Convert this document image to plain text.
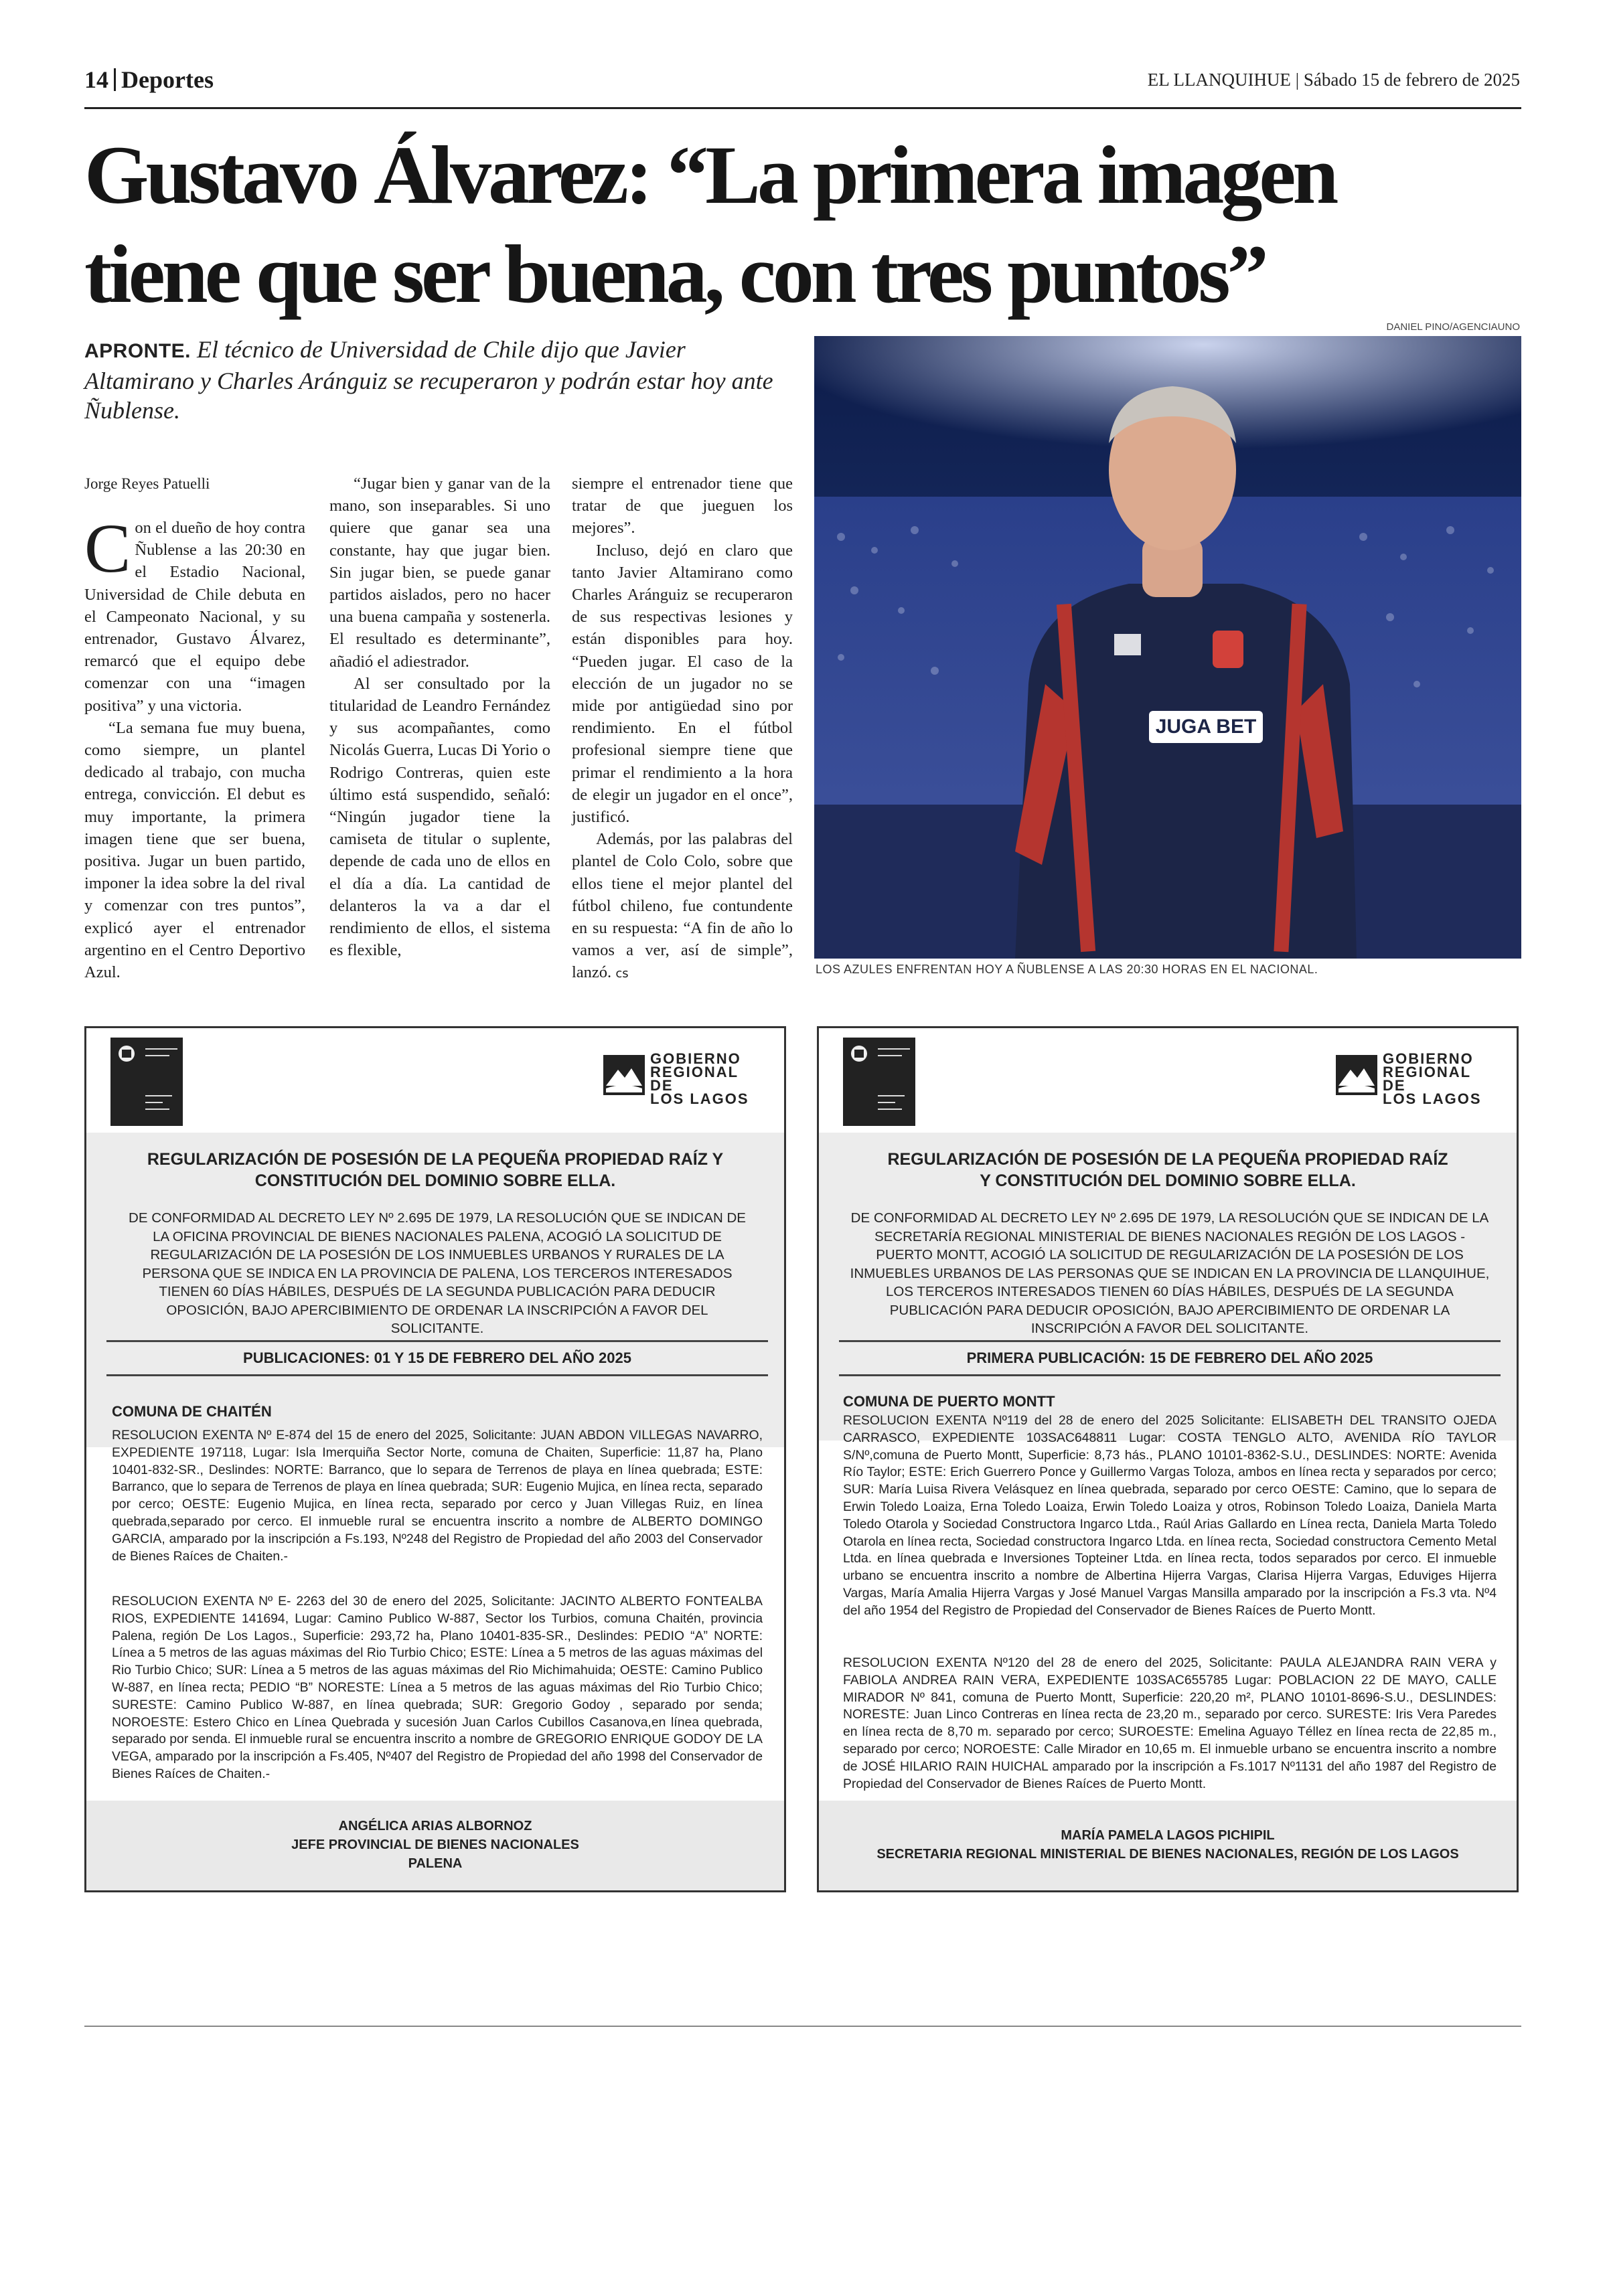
14 Deportes	EL LLANQUIHUE | Sábado 15 de febrero de 2025
Gustavo Álvarez: “La primera imagen
tiene que ser buena, con tres puntos”
DANIEL PINO/AGENCIAUNO
APRONTE. El técnico de Universidad de Chile dijo que Javier Altamirano y Charles Aránguiz se recuperaron y podrán estar hoy ante Ñublense.
Jorge Reyes Patuelli

Con el dueño de hoy contra Ñublense a las 20:30 en el Estadio Nacional, Universidad de Chile debuta en el Campeonato Nacional, y su entrenador, Gustavo Álvarez, remarcó que el equipo debe comenzar con una “imagen positiva” y una victoria.

“La semana fue muy buena, como siempre, un plantel dedicado al trabajo, con mucha entrega, convicción. El debut es muy importante, la primera imagen tiene que ser buena, positiva. Jugar un buen partido, imponer la idea sobre la del rival y comenzar con tres puntos”, explicó ayer el entrenador argentino en el Centro Deportivo Azul.

“Jugar bien y ganar van de la mano, son inseparables. Si uno quiere que ganar sea una constante, hay que jugar bien. Sin jugar bien, se puede ganar partidos aislados, pero no hacer una buena campaña y sostenerla. El resultado es determinante”, añadió el adiestrador.

Al ser consultado por la titularidad de Leandro Fernández y sus acompañantes, como Nicolás Guerra, Lucas Di Yorio o Rodrigo Contreras, quien este último está suspendido, señaló: “Ningún jugador tiene la camiseta de titular o suplente, depende de cada uno de ellos en el día a día. La cantidad de delanteros la va a dar el rendimiento de ellos, el sistema es flexible,

siempre el entrenador tiene que tratar de que jueguen los mejores”.

Incluso, dejó en claro que tanto Javier Altamirano como Charles Aránguiz se recuperaron de sus respectivas lesiones y están disponibles para hoy. “Pueden jugar. El caso de la elección de un jugador no se mide por antigüedad sino por rendimiento. En el fútbol profesional siempre tiene que primar el rendimiento a la hora de elegir un jugador en el once”, justificó.

Además, por las palabras del plantel de Colo Colo, sobre que ellos tiene el mejor plantel del fútbol chileno, fue contundente en su respuesta: “A fin de año lo vamos a ver, así de simple”, lanzó. cs

JUGA BET
LOS AZULES ENFRENTAN HOY A ÑUBLENSE A LAS 20:30 HORAS EN EL NACIONAL.
GOBIERNO
REGIONAL DE
LOS LAGOS
REGULARIZACIÓN DE POSESIÓN DE LA PEQUEÑA PROPIEDAD RAÍZ Y
CONSTITUCIÓN DEL DOMINIO SOBRE ELLA.
DE CONFORMIDAD AL DECRETO LEY Nº 2.695 DE 1979, LA RESOLUCIÓN QUE SE INDICAN DE LA OFICINA PROVINCIAL DE BIENES NACIONALES PALENA, ACOGIÓ LA SOLICITUD DE REGULARIZACIÓN DE LA POSESIÓN DE LOS INMUEBLES URBANOS Y RURALES DE LA PERSONA QUE SE INDICA EN LA PROVINCIA DE PALENA, LOS TERCEROS INTERESADOS TIENEN 60 DÍAS HÁBILES, DESPUÉS DE LA SEGUNDA PUBLICACIÓN PARA DEDUCIR OPOSICIÓN, BAJO APERCIBIMIENTO DE ORDENAR LA INSCRIPCIÓN A FAVOR DEL SOLICITANTE.
PUBLICACIONES: 01 Y 15 DE FEBRERO DEL AÑO 2025
COMUNA DE CHAITÉN
RESOLUCION EXENTA Nº E-874 del 15 de enero del 2025, Solicitante: JUAN ABDON VILLEGAS NAVARRO, EXPEDIENTE 197118, Lugar: Isla Imerquiña Sector Norte, comuna de Chaiten, Superficie: 11,87 ha, Plano 10401-832-SR., Deslindes: NORTE: Barranco, que lo separa de Terrenos de playa en línea quebrada; ESTE: Barranco, que lo separa de Terrenos de playa en línea quebrada; SUR: Eugenio Mujica, en línea recta, separado por cerco; OESTE: Eugenio Mujica, en línea recta, separado por cerco y Juan Villegas Ruiz, en línea quebrada,separado por cerco. El inmueble rural se encuentra inscrito a nombre de ALBERTO DOMINGO GARCIA, amparado por la inscripción a Fs.193, Nº248 del Registro de Propiedad del año 2003 del Conservador de Bienes Raíces de Chaiten.-
RESOLUCION EXENTA Nº E- 2263 del 30 de enero del 2025, Solicitante: JACINTO ALBERTO FONTEALBA RIOS, EXPEDIENTE 141694, Lugar: Camino Publico W-887, Sector los Turbios, comuna Chaitén, provincia Palena, región De Los Lagos., Superficie: 293,72 ha, Plano 10401-835-SR., Deslindes: PEDIO “A” NORTE: Línea a 5 metros de las aguas máximas del Rio Turbio Chico; ESTE: Línea a 5 metros de las aguas máximas del Rio Turbio Chico; SUR: Línea a 5 metros de las aguas máximas del Rio Michimahuida; OESTE: Camino Publico W-887, en línea recta; PEDIO “B” NORESTE: Línea a 5 metros de las aguas máximas del Rio Turbio Chico; SURESTE: Camino Publico W-887, en línea quebrada; SUR: Gregorio Godoy , separado por senda; NOROESTE: Estero Chico en Línea Quebrada y sucesión Juan Carlos Cubillos Casanova,en línea quebrada, separado por senda. El inmueble rural se encuentra inscrito a nombre de GREGORIO ENRIQUE GODOY DE LA VEGA, amparado por la inscripción a Fs.405, Nº407 del Registro de Propiedad del año 1998 del Conservador de Bienes Raíces de Chaiten.-
ANGÉLICA ARIAS ALBORNOZ
JEFE PROVINCIAL DE BIENES NACIONALES
PALENA
GOBIERNO
REGIONAL DE
LOS LAGOS
REGULARIZACIÓN DE POSESIÓN DE LA PEQUEÑA PROPIEDAD RAÍZ
Y CONSTITUCIÓN DEL DOMINIO SOBRE ELLA.
DE CONFORMIDAD AL DECRETO LEY Nº 2.695 DE 1979, LA RESOLUCIÓN QUE SE INDICAN DE LA SECRETARÍA REGIONAL MINISTERIAL DE BIENES NACIONALES REGIÓN DE LOS LAGOS - PUERTO MONTT, ACOGIÓ LA SOLICITUD DE REGULARIZACIÓN DE LA POSESIÓN DE LOS INMUEBLES URBANOS DE LAS PERSONAS QUE SE INDICAN EN LA PROVINCIA DE LLANQUIHUE, LOS TERCEROS INTERESADOS TIENEN 60 DÍAS HÁBILES, DESPUÉS DE LA SEGUNDA PUBLICACIÓN PARA DEDUCIR OPOSICIÓN, BAJO APERCIBIMIENTO DE ORDENAR LA INSCRIPCIÓN A FAVOR DEL SOLICITANTE.
PRIMERA PUBLICACIÓN: 15 DE FEBRERO DEL AÑO 2025
COMUNA DE PUERTO MONTT
RESOLUCION EXENTA Nº119 del 28 de enero del 2025 Solicitante: ELISABETH DEL TRANSITO OJEDA CARRASCO, EXPEDIENTE 103SAC648811 Lugar: COSTA TENGLO ALTO, AVENIDA RÍO TAYLOR S/Nº,comuna de Puerto Montt, Superficie: 8,73 hás., PLANO 10101-8362-S.U., DESLINDES: NORTE: Avenida Río Taylor; ESTE: Erich Guerrero Ponce y Guillermo Vargas Toloza, ambos en línea recta y separados por cerco; SUR: María Luisa Rivera Velásquez en línea quebrada, separado por cerco OESTE: Camino, que lo separa de Erwin Toledo Loaiza, Erna Toledo Loaiza, Erwin Toledo Loaiza y otros, Robinson Toledo Loaiza, Daniela Marta Toledo Otarola y Sociedad Constructora Ingarco Ltda., Raúl Arias Gallardo en Línea recta, Daniela Marta Toledo Otarola en línea recta, Sociedad constructora Ingarco Ltda. en línea recta, Sociedad constructora Cemento Metal Ltda. en línea quebrada e Inversiones Topteiner Ltda. en línea recta, todos separados por cerco. El inmueble urbano se encuentra inscrito a nombre de Albertina Hijerra Vargas, Clarisa Hijerra Vargas, Eduviges Hijerra Vargas, María Amalia Hijerra Vargas y José Manuel Vargas Mansilla amparado por la inscripción a Fs.3 vta. Nº4 del año 1954 del Registro de Propiedad del Conservador de Bienes Raíces de Puerto Montt.
RESOLUCION EXENTA Nº120 del 28 de enero del 2025, Solicitante: PAULA ALEJANDRA RAIN VERA y FABIOLA ANDREA RAIN VERA, EXPEDIENTE 103SAC655785 Lugar: POBLACION 22 DE MAYO, CALLE MIRADOR Nº 841, comuna de Puerto Montt, Superficie: 220,20 m², PLANO 10101-8696-S.U., DESLINDES: NORESTE: Juan Linco Contreras en línea recta de 23,20 m., separado por cerco. SURESTE: Iris Vera Paredes en línea recta de 8,70 m. separado por cerco; SUROESTE: Emelina Aguayo Téllez en línea recta de 22,85 m., separado por cerco; NOROESTE: Calle Mirador en 10,65 m. El inmueble urbano se encuentra inscrito a nombre de JOSÉ HILARIO RAIN HUICHAL amparado por la inscripción a Fs.1017 Nº1131 del año 1987 del Registro de Propiedad del Conservador de Bienes Raíces de Puerto Montt.
MARÍA PAMELA LAGOS PICHIPIL
SECRETARIA REGIONAL MINISTERIAL DE BIENES NACIONALES, REGIÓN DE LOS LAGOS
